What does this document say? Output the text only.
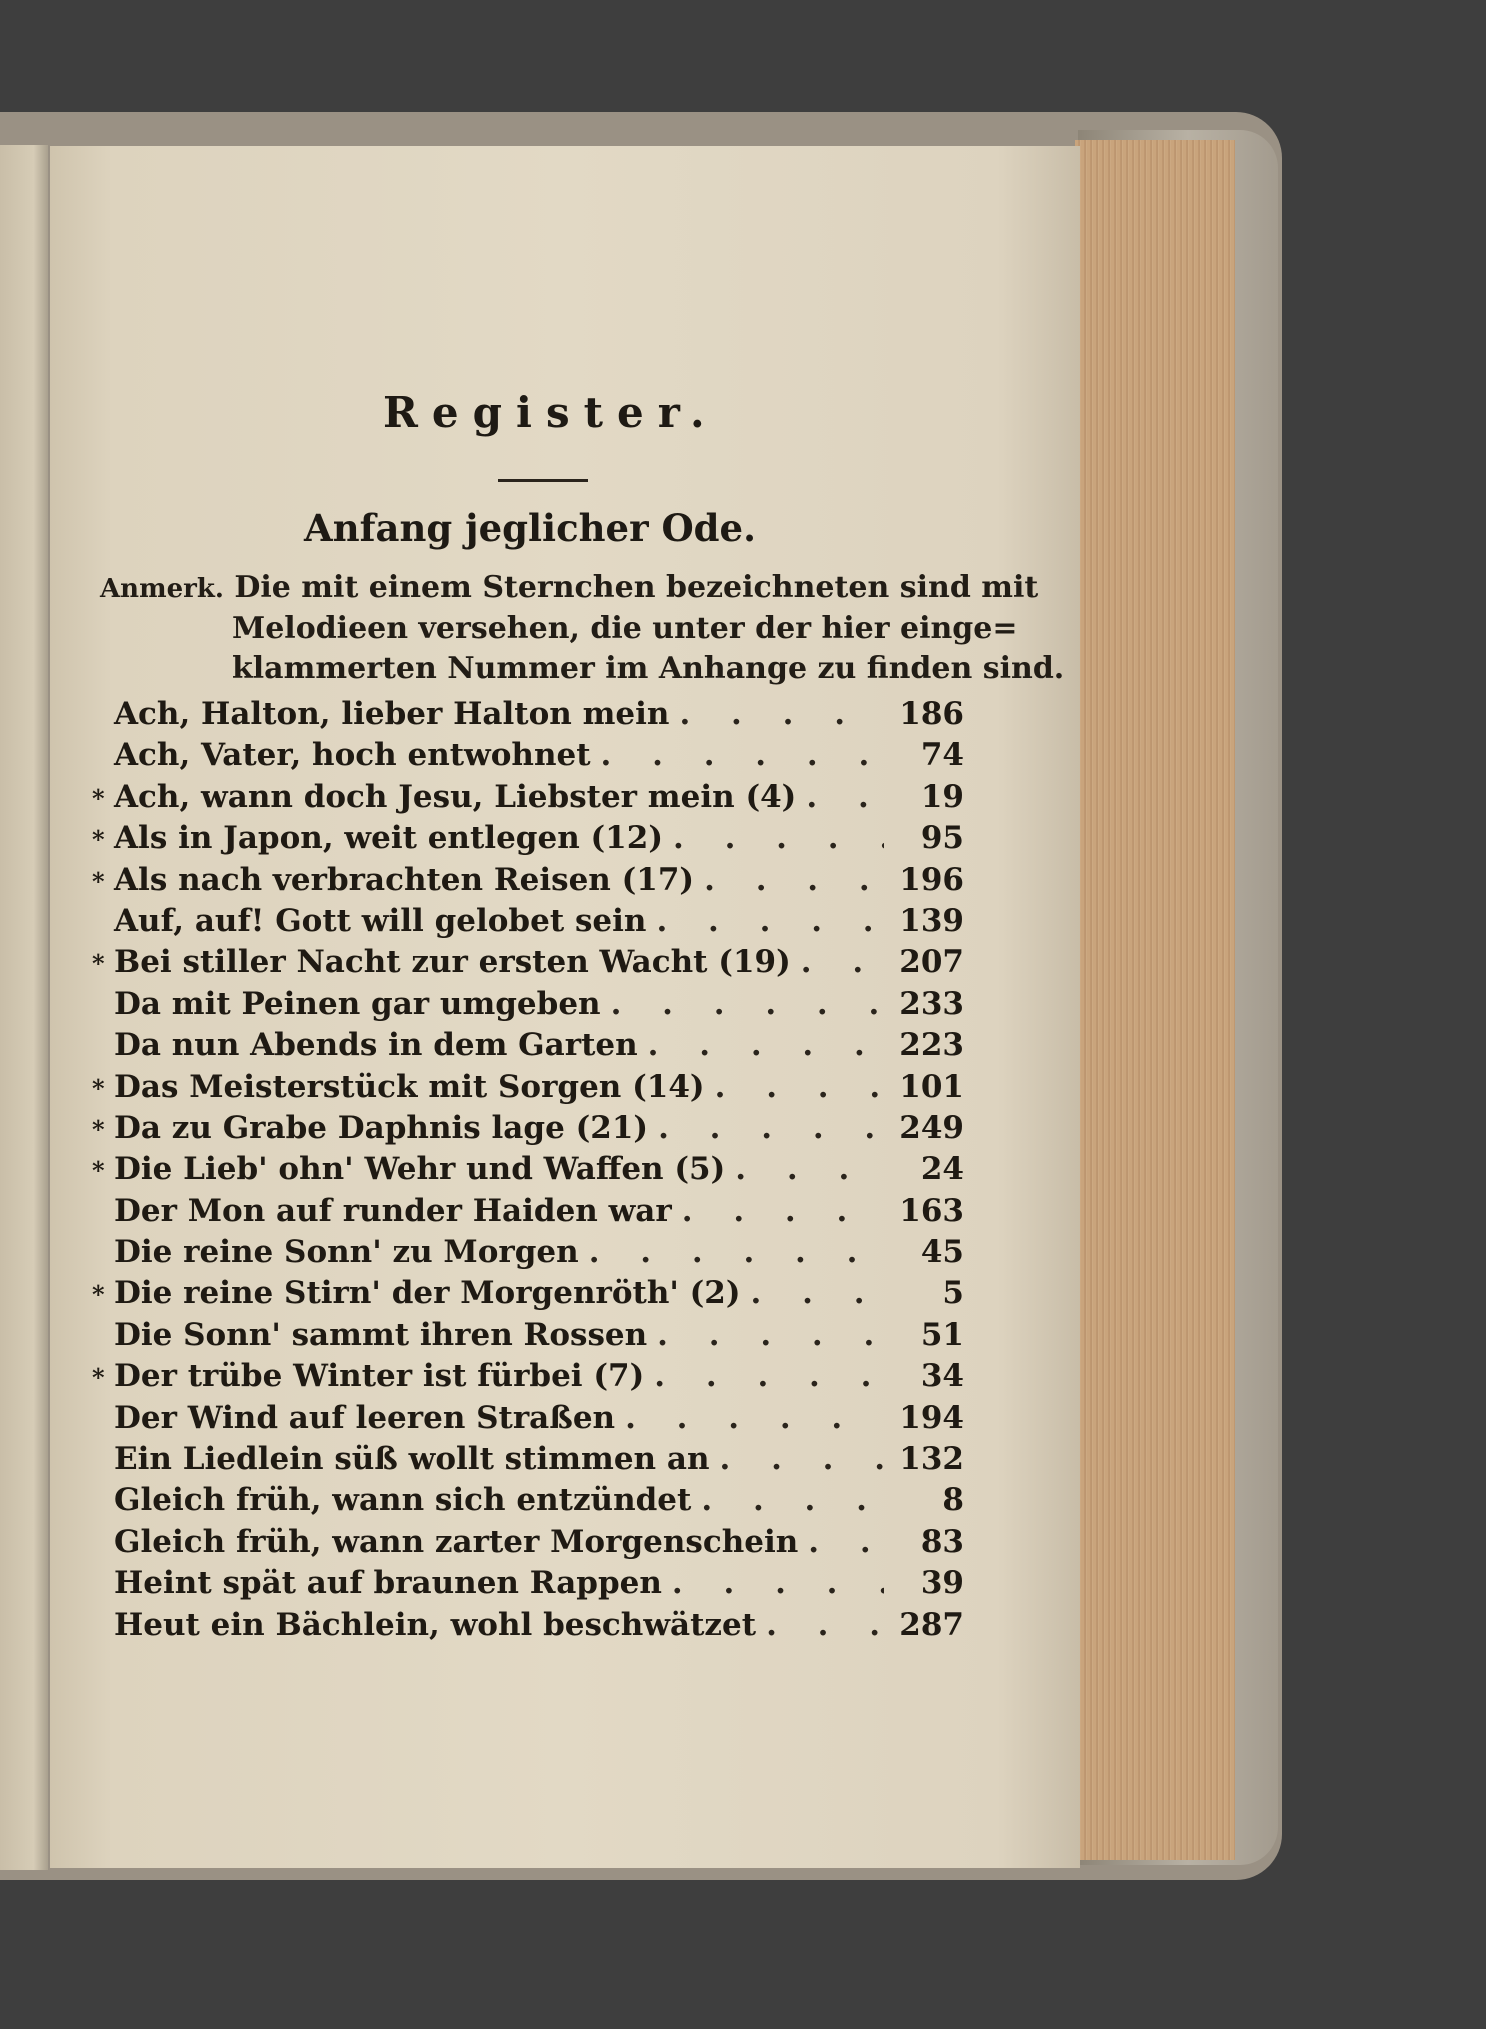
Register.
Anfang jeglicher Ode.
Anmerk. Die mit einem Sternchen bezeichneten sind mit
Melodieen versehen, die unter der hier einge=
klammerten Nummer im Anhange zu finden sind.
Ach, Halton, lieber Halton mein . . .	186
Ach, Vater, hoch entwohnet . . .	74
* Ach, wann doch Jesu, Liebster mein (4) . . .	19
* Als in Japon, weit entlegen (12) . . .	95
* Als nach verbrachten Reisen (17) . . .	196
Auf, auf! Gott will gelobet sein . . .	139
* Bei stiller Nacht zur ersten Wacht (19) . . .	207
Da mit Peinen gar umgeben . . .	233
Da nun Abends in dem Garten . . .	223
* Das Meisterstück mit Sorgen (14) . . .	101
* Da zu Grabe Daphnis lage (21) . . .	249
* Die Lieb' ohn' Wehr und Waffen (5) . . .	24
Der Mon auf runder Haiden war . . .	163
Die reine Sonn' zu Morgen . . .	45
* Die reine Stirn' der Morgenröth' (2) . . .	5
Die Sonn' sammt ihren Rossen . . .	51
* Der trübe Winter ist fürbei (7) . . .	34
Der Wind auf leeren Straßen . . .	194
Ein Liedlein süß wollt stimmen an . . .	132
Gleich früh, wann sich entzündet . . .	8
Gleich früh, wann zarter Morgenschein . . .	83
Heint spät auf braunen Rappen . . .	39
Heut ein Bächlein, wohl beschwätzet . . .	287
